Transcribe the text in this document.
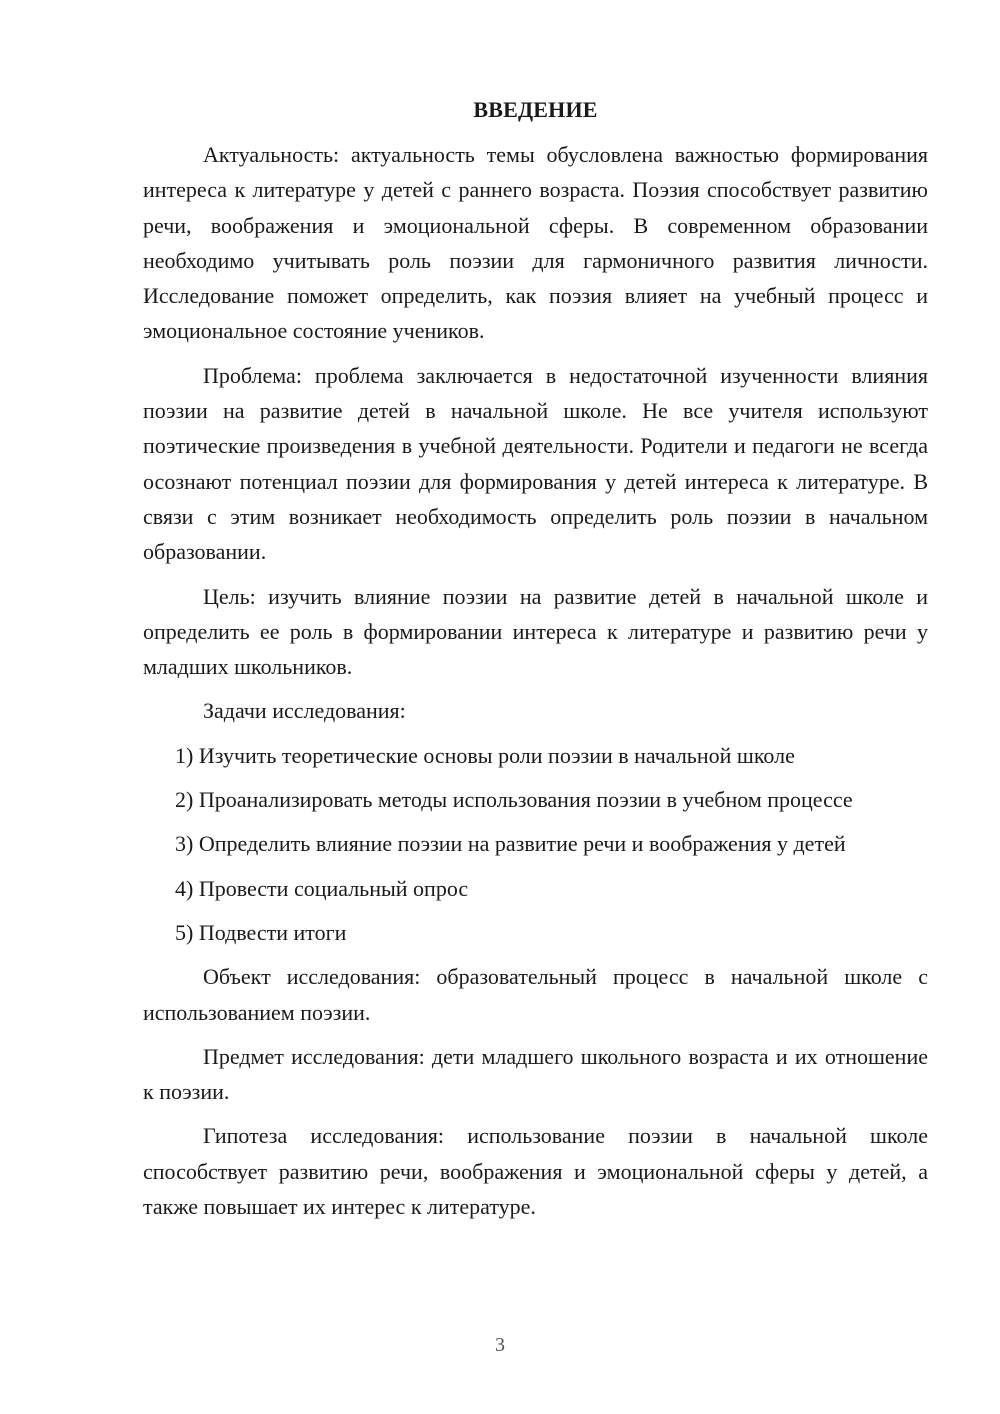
ВВЕДЕНИЕ

Актуальность: актуальность темы обусловлена важностью формирования интереса к литературе у детей с раннего возраста. Поэзия способствует развитию речи, воображения и эмоциональной сферы. В современном образовании необходимо учитывать роль поэзии для гармоничного развития личности. Исследование поможет определить, как поэзия влияет на учебный процесс и эмоциональное состояние учеников.

Проблема: проблема заключается в недостаточной изученности влияния поэзии на развитие детей в начальной школе. Не все учителя используют поэтические произведения в учебной деятельности. Родители и педагоги не всегда осознают потенциал поэзии для формирования у детей интереса к литературе. В связи с этим возникает необходимость определить роль поэзии в начальном образовании.

Цель: изучить влияние поэзии на развитие детей в начальной школе и определить ее роль в формировании интереса к литературе и развитию речи у младших школьников.

Задачи исследования:

1) Изучить теоретические основы роли поэзии в начальной школе

2) Проанализировать методы использования поэзии в учебном процессе

3) Определить влияние поэзии на развитие речи и воображения у детей

4) Провести социальный опрос

5) Подвести итоги

Объект исследования: образовательный процесс в начальной школе с использованием поэзии.

Предмет исследования: дети младшего школьного возраста и их отношение к поэзии.

Гипотеза исследования: использование поэзии в начальной школе способствует развитию речи, воображения и эмоциональной сферы у детей, а также повышает их интерес к литературе.

3
